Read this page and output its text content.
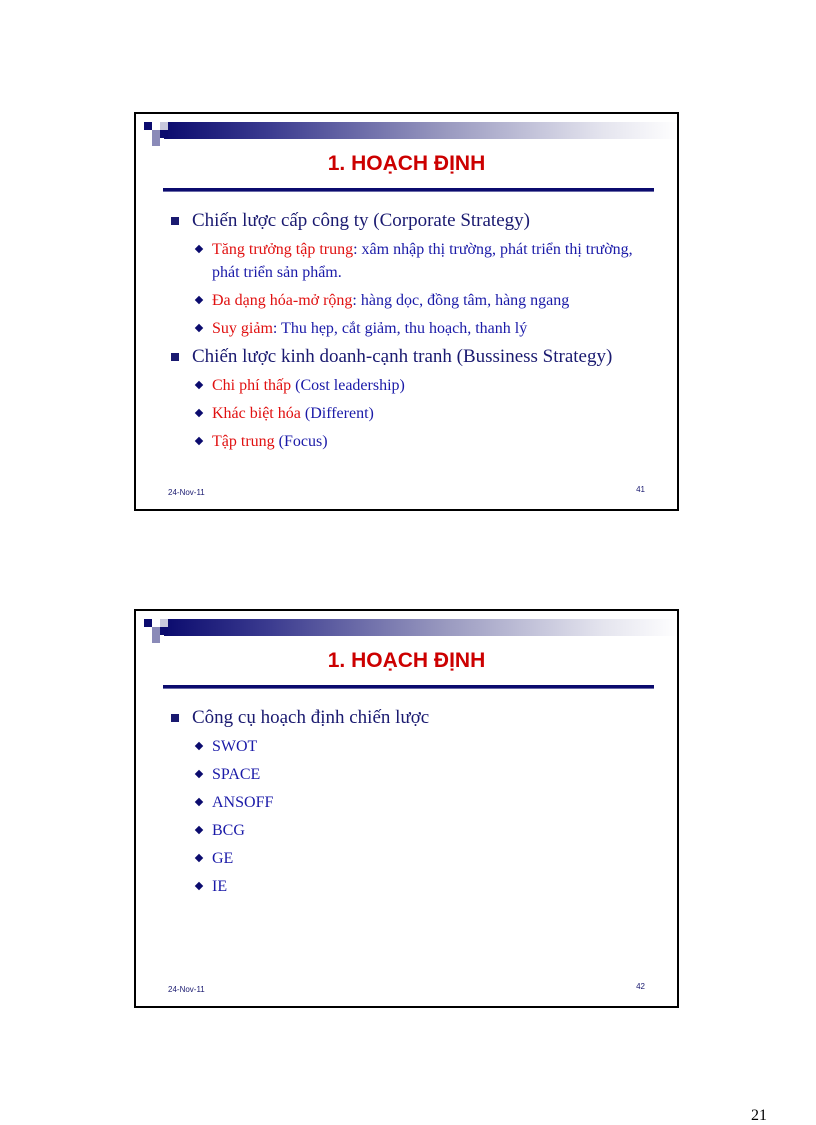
1. HOẠCH ĐỊNH
Chiến lược cấp công ty (Corporate Strategy)
Tăng trưởng tập trung: xâm nhập thị trường, phát triển thị trường, phát triển sản phẩm.
Đa dạng hóa-mở rộng: hàng dọc, đồng tâm, hàng ngang
Suy giảm: Thu hẹp, cắt giảm, thu hoạch, thanh lý
Chiến lược kinh doanh-cạnh tranh (Bussiness Strategy)
Chi phí thấp (Cost leadership)
Khác biệt hóa (Different)
Tập trung (Focus)
24-Nov-11	41
1. HOẠCH ĐỊNH
Công cụ hoạch định chiến lược
SWOT
SPACE
ANSOFF
BCG
GE
IE
24-Nov-11	42
21
